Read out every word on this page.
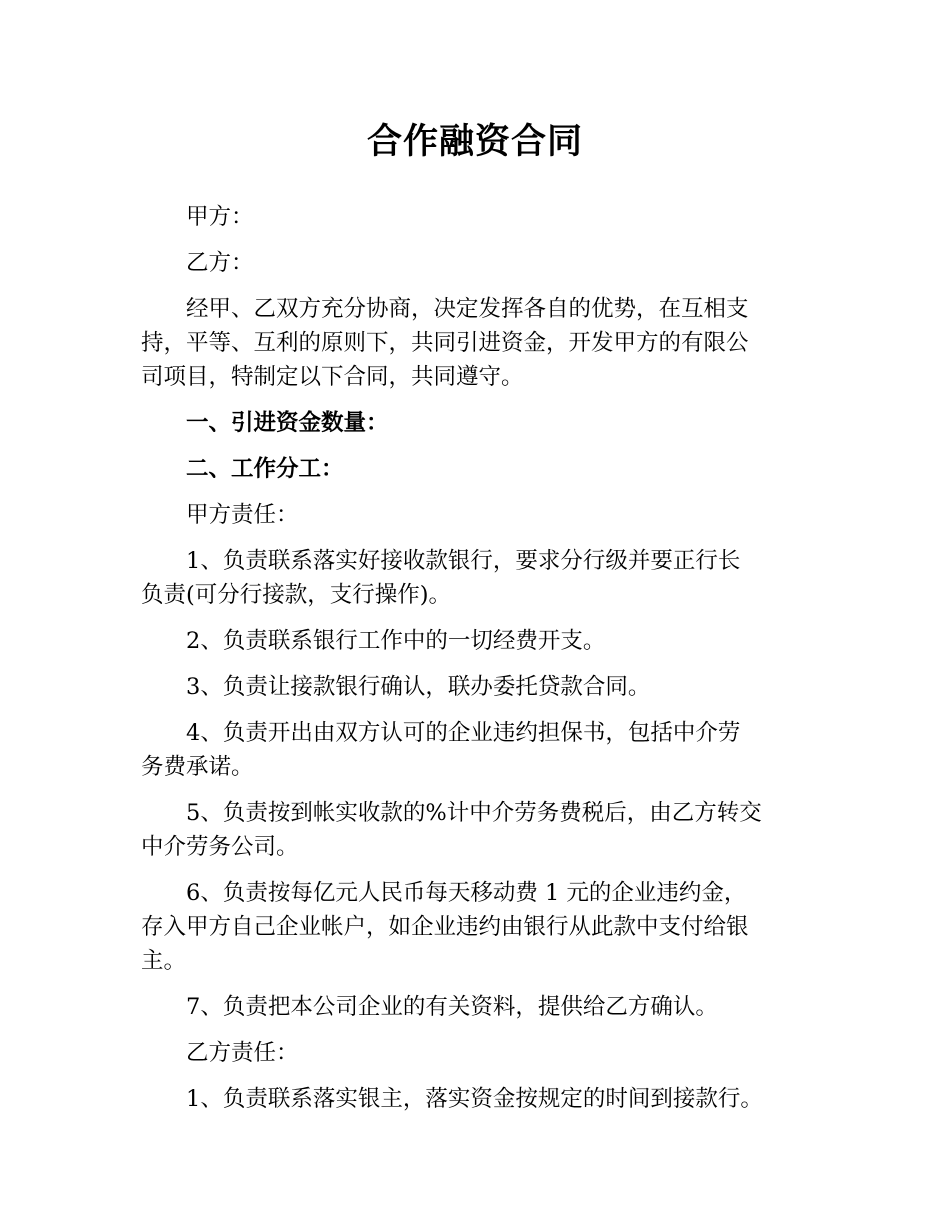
合作融资合同

甲方：

乙方：

经甲、乙双方充分协商，决定发挥各自的优势，在互相支
持，平等、互利的原则下，共同引进资金，开发甲方的有限公
司项目，特制定以下合同，共同遵守。

一、引进资金数量：

二、工作分工：

甲方责任：

1、负责联系落实好接收款银行，要求分行级并要正行长
负责(可分行接款，支行操作)。

2、负责联系银行工作中的一切经费开支。

3、负责让接款银行确认，联办委托贷款合同。

4、负责开出由双方认可的企业违约担保书，包括中介劳
务费承诺。

5、负责按到帐实收款的%计中介劳务费税后，由乙方转交
中介劳务公司。

6、负责按每亿元人民币每天移动费 1 元的企业违约金，
存入甲方自己企业帐户，如企业违约由银行从此款中支付给银
主。

7、负责把本公司企业的有关资料，提供给乙方确认。

乙方责任：

1、负责联系落实银主，落实资金按规定的时间到接款行。
